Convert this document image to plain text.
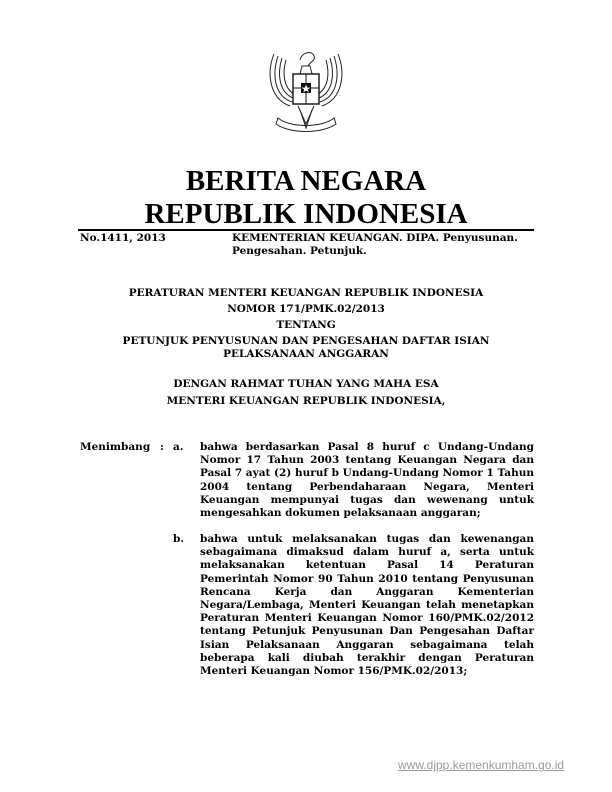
BERITA NEGARA
REPUBLIK INDONESIA
No.1411, 2013	KEMENTERIAN KEUANGAN. DIPA. Penyusunan. Pengesahan. Petunjuk.
PERATURAN MENTERI KEUANGAN REPUBLIK INDONESIA
NOMOR 171/PMK.02/2013
TENTANG
PETUNJUK PENYUSUNAN DAN PENGESAHAN DAFTAR ISIAN
PELAKSANAAN ANGGARAN
DENGAN RAHMAT TUHAN YANG MAHA ESA
MENTERI KEUANGAN REPUBLIK INDONESIA,
Menimbang : a. bahwa berdasarkan Pasal 8 huruf c Undang-Undang Nomor 17 Tahun 2003 tentang Keuangan Negara dan Pasal 7 ayat (2) huruf b Undang-Undang Nomor 1 Tahun 2004 tentang Perbendaharaan Negara, Menteri Keuangan mempunyai tugas dan wewenang untuk mengesahkan dokumen pelaksanaan anggaran;
b. bahwa untuk melaksanakan tugas dan kewenangan sebagaimana dimaksud dalam huruf a, serta untuk melaksanakan ketentuan Pasal 14 Peraturan Pemerintah Nomor 90 Tahun 2010 tentang Penyusunan Rencana Kerja dan Anggaran Kementerian Negara/Lembaga, Menteri Keuangan telah menetapkan Peraturan Menteri Keuangan Nomor 160/PMK.02/2012 tentang Petunjuk Penyusunan Dan Pengesahan Daftar Isian Pelaksanaan Anggaran sebagaimana telah beberapa kali diubah terakhir dengan Peraturan Menteri Keuangan Nomor 156/PMK.02/2013;
www.djpp.kemenkumham.go.id
